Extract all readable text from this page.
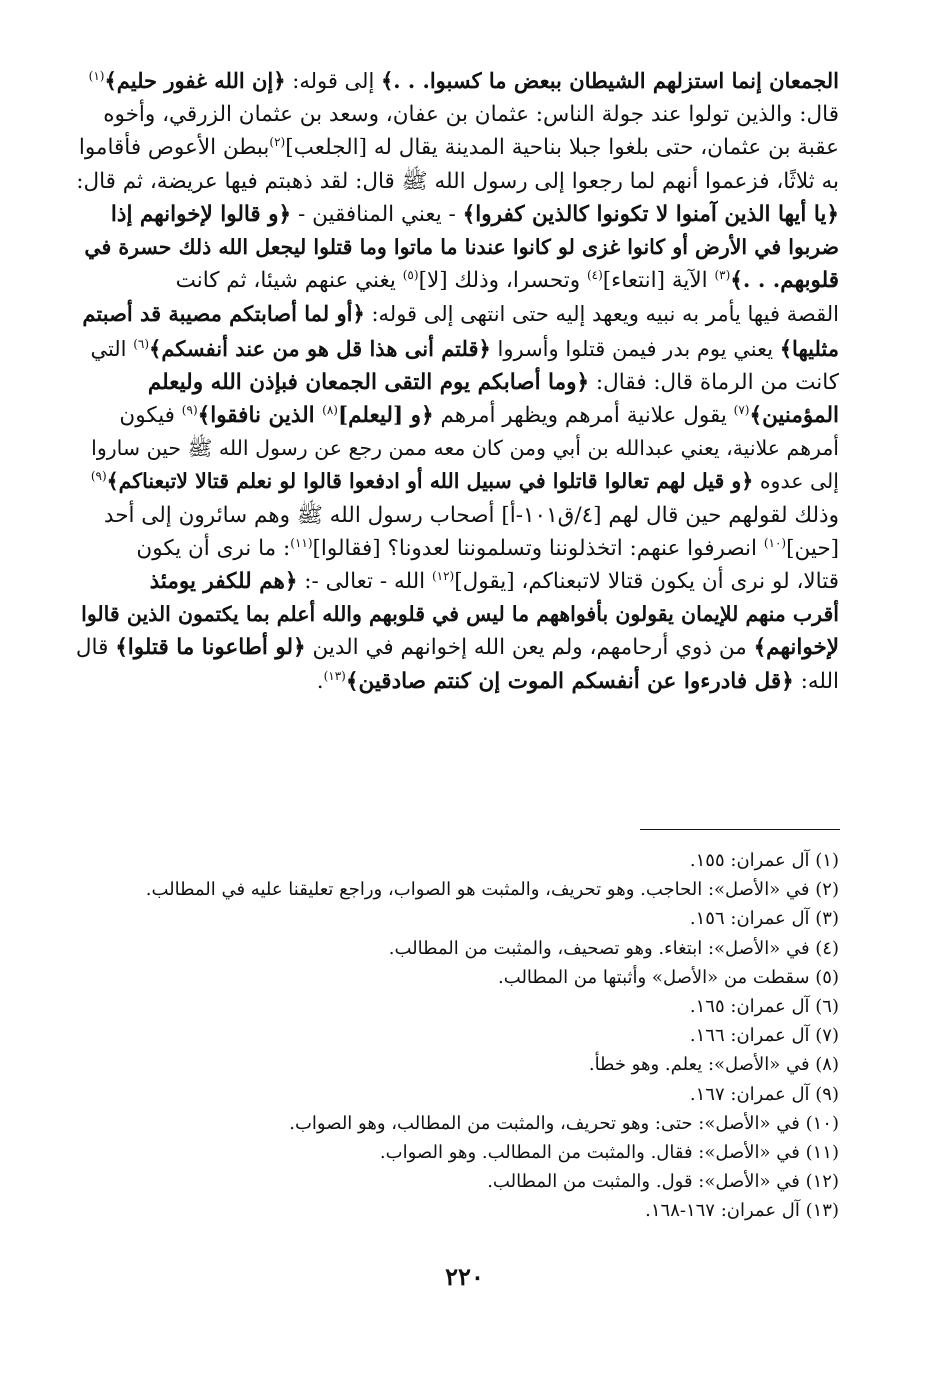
الجمعان إنما استزلهم الشيطان ببعض ما كسبوا. . .﴾ إلى قوله: ﴿إن الله غفور حليم﴾$^{(١)}$
قال: والذين تولوا عند جولة الناس: عثمان بن عفان، وسعد بن عثمان الزرقي، وأخوه
عقبة بن عثمان، حتى بلغوا جبلا بناحية المدينة يقال له [الجلعب]$^{(٢)}$ببطن الأعوص فأقاموا
به ثلاثًا، فزعموا أنهم لما رجعوا إلى رسول الله ﷺ قال: لقد ذهبتم فيها عريضة، ثم قال:
﴿يا أيها الذين آمنوا لا تكونوا كالذين كفروا﴾ - يعني المنافقين - ﴿و قالوا لإخوانهم إذا
ضربوا في الأرض أو كانوا غزى لو كانوا عندنا ما ماتوا وما قتلوا ليجعل الله ذلك حسرة في
قلوبهم. . .﴾$^{(٣)}$ الآية [انتعاء]$^{(٤)}$ وتحسرا، وذلك [لا]$^{(٥)}$ يغني عنهم شيئا، ثم كانت
القصة فيها يأمر به نبيه ويعهد إليه حتى انتهى إلى قوله: ﴿أو لما أصابتكم مصيبة قد أصبتم
مثليها﴾ يعني يوم بدر فيمن قتلوا وأسروا ﴿قلتم أنى هذا قل هو من عند أنفسكم﴾$^{(٦)}$ التي
كانت من الرماة قال: فقال: ﴿وما أصابكم يوم التقى الجمعان فبإذن الله وليعلم
المؤمنين﴾$^{(٧)}$ يقول علانية أمرهم ويظهر أمرهم ﴿و [ليعلم]$^{(٨)}$ الذين نافقوا﴾$^{(٩)}$ فيكون
أمرهم علانية، يعني عبدالله بن أبي ومن كان معه ممن رجع عن رسول الله ﷺ حين ساروا
إلى عدوه ﴿و قيل لهم تعالوا قاتلوا في سبيل الله أو ادفعوا قالوا لو نعلم قتالا لاتبعناكم﴾$^{(٩)}$
وذلك لقولهم حين قال لهم [٤/ق١٠١-أ] أصحاب رسول الله ﷺ وهم سائرون إلى أحد
[حين]$^{(١٠)}$ انصرفوا عنهم: اتخذلوننا وتسلموننا لعدونا؟ [فقالوا]$^{(١١)}$: ما نرى أن يكون
قتالا، لو نرى أن يكون قتالا لاتبعناكم، [يقول]$^{(١٢)}$ الله - تعالى -: ﴿هم للكفر يومئذ
أقرب منهم للإيمان يقولون بأفواههم ما ليس في قلوبهم والله أعلم بما يكتمون الذين قالوا
لإخوانهم﴾ من ذوي أرحامهم، ولم يعن الله إخوانهم في الدين ﴿لو أطاعونا ما قتلوا﴾ قال
الله: ﴿قل فادرءوا عن أنفسكم الموت إن كنتم صادقين﴾$^{(١٣)}$.
(١) آل عمران: ١٥٥.
(٢) في «الأصل»: الحاجب. وهو تحريف، والمثبت هو الصواب، وراجع تعليقنا عليه في المطالب.
(٣) آل عمران: ١٥٦.
(٤) في «الأصل»: ابتغاء. وهو تصحيف، والمثبت من المطالب.
(٥) سقطت من «الأصل» وأثبتها من المطالب.
(٦) آل عمران: ١٦٥.
(٧) آل عمران: ١٦٦.
(٨) في «الأصل»: يعلم. وهو خطأ.
(٩) آل عمران: ١٦٧.
(١٠) في «الأصل»: حتى: وهو تحريف، والمثبت من المطالب، وهو الصواب.
(١١) في «الأصل»: فقال. والمثبت من المطالب. وهو الصواب.
(١٢) في «الأصل»: قول. والمثبت من المطالب.
(١٣) آل عمران: ١٦٧-١٦٨.
٢٢٠
